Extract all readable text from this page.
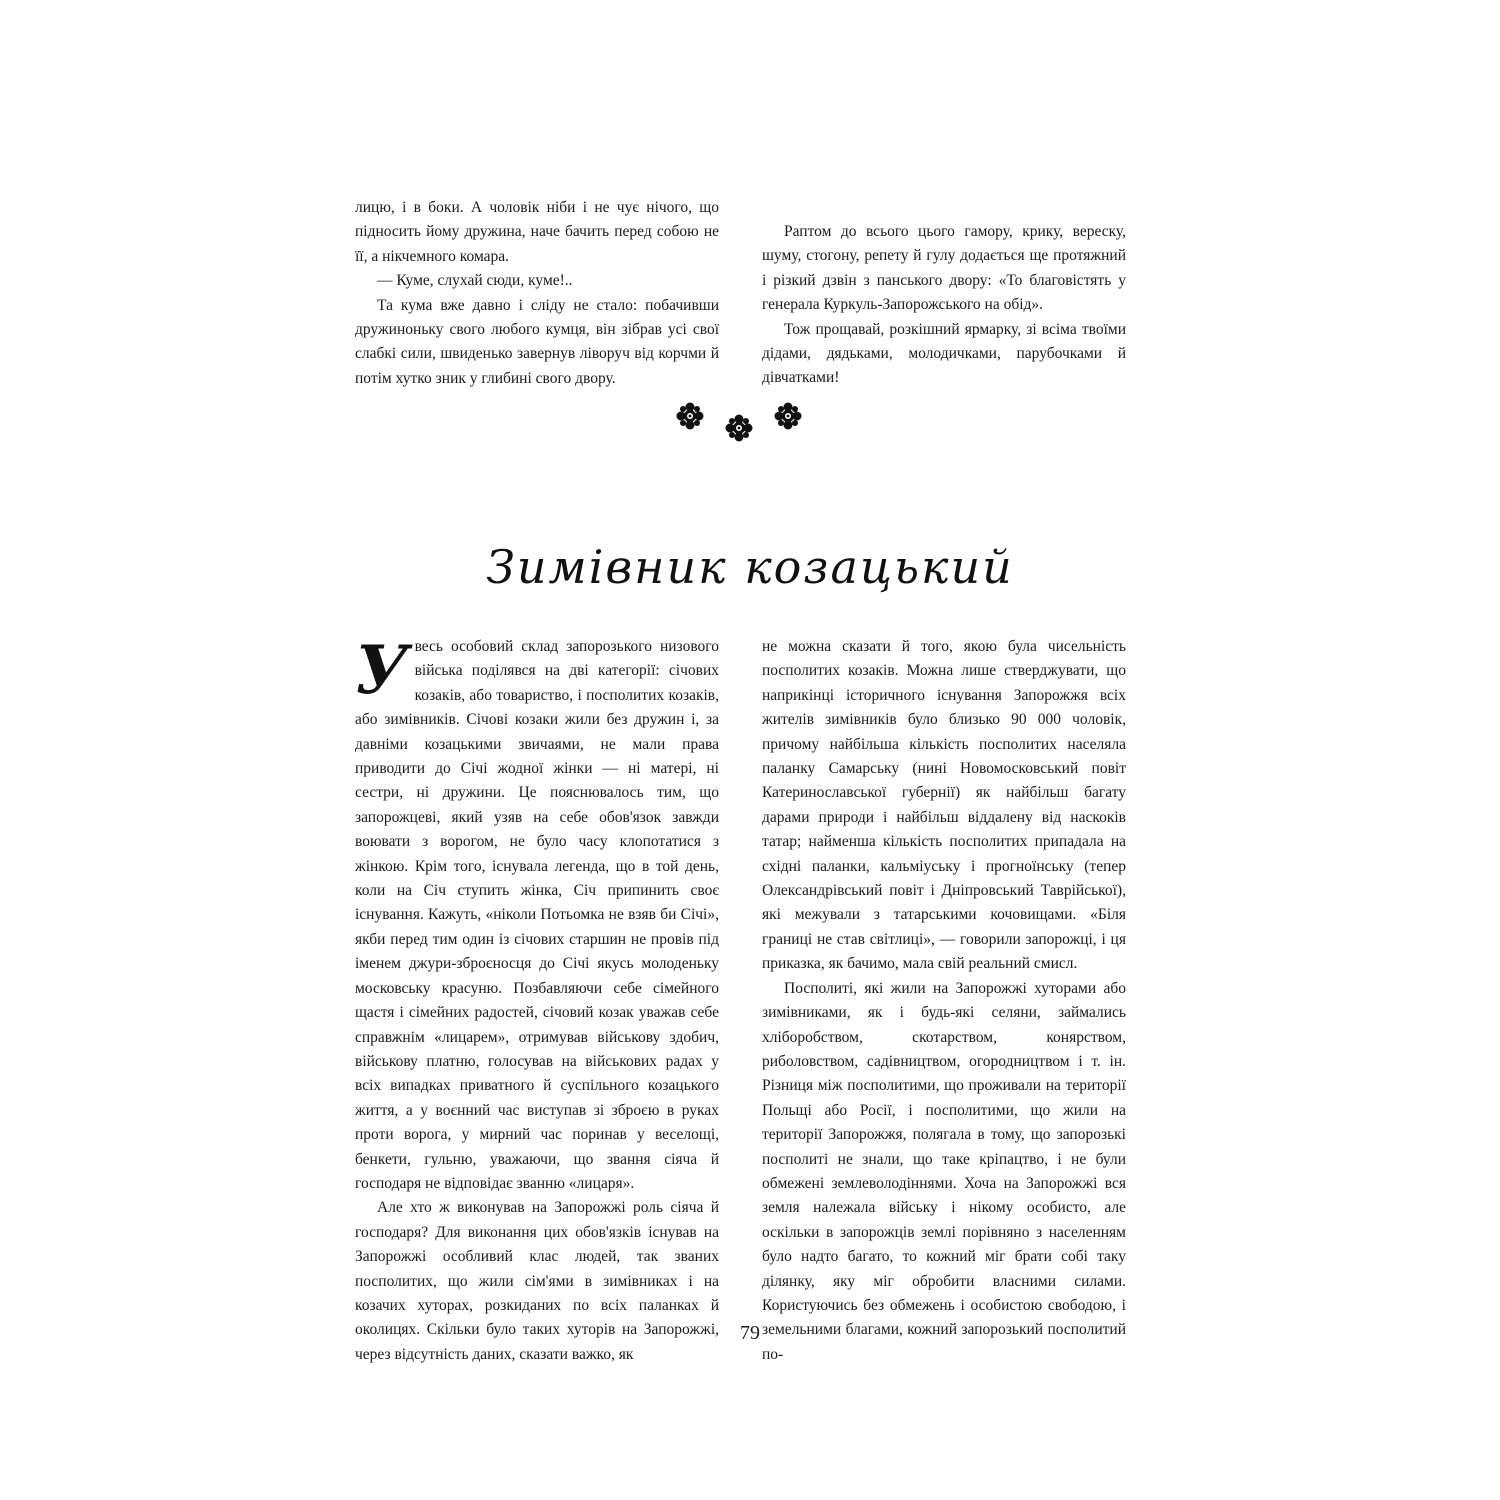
лицю, і в боки. А чоловік ніби і не чує нічого, що підносить йому дружина, наче бачить перед собою не її, а нікчемного комара.

— Куме, слухай сюди, куме!..

Та кума вже давно і сліду не стало: побачивши дружиноньку свого любого кумця, він зібрав усі свої слабкі сили, швиденько завернув ліворуч від корчми й потім хутко зник у глибині свого двору.

Раптом до всього цього гамору, крику, вереску, шуму, стогону, репету й гулу додається ще протяжний і різкий дзвін з панського двору: «То благовістять у генерала Куркуль-Запорожського на обід».

Тож прощавай, розкішний ярмарку, зі всіма твоїми дідами, дядьками, молодичками, парубочками й дівчатками!

Зимівник козацький

Увесь особовий склад запорозького низового війська поділявся на дві категорії: січових козаків, або товариство, і посполитих козаків, або зимівників. Січові козаки жили без дружин і, за давніми козацькими звичаями, не мали права приводити до Січі жодної жінки — ні матері, ні сестри, ні дружини. Це пояснювалось тим, що запорожцеві, який узяв на себе обов'язок завжди воювати з ворогом, не було часу клопотатися з жінкою. Крім того, існувала легенда, що в той день, коли на Січ ступить жінка, Січ припинить своє існування. Кажуть, «ніколи Потьомка не взяв би Січі», якби перед тим один із січових старшин не провів під іменем джури-зброєносця до Січі якусь молоденьку московську красуню. Позбавляючи себе сімейного щастя і сімейних радостей, січовий козак уважав себе справжнім «лицарем», отримував військову здобич, військову платню, голосував на військових радах у всіх випадках приватного й суспільного козацького життя, а у воєнний час виступав зі зброєю в руках проти ворога, у мирний час поринав у веселощі, бенкети, гульню, уважаючи, що звання сіяча й господаря не відповідає званню «лицаря».

Але хто ж виконував на Запорожжі роль сіяча й господаря? Для виконання цих обов'язків існував на Запорожжі особливий клас людей, так званих посполитих, що жили сім'ями в зимівниках і на козачих хуторах, розкиданих по всіх паланках й околицях. Скільки було таких хуторів на Запорожжі, через відсутність даних, сказати важко, як

не можна сказати й того, якою була чисельність посполитих козаків. Можна лише стверджувати, що наприкінці історичного існування Запорожжя всіх жителів зимівників було близько 90 000 чоловік, причому найбільша кількість посполитих населяла паланку Самарську (нині Новомосковський повіт Катеринославської губернії) як найбільш багату дарами природи і найбільш віддалену від наскоків татар; найменша кількість посполитих припадала на східні паланки, кальміуську і прогноїнську (тепер Олександрівський повіт і Дніпровський Таврійської), які межували з татарськими кочовищами. «Біля границі не став світлиці», — говорили запорожці, і ця приказка, як бачимо, мала свій реальний смисл.

Посполиті, які жили на Запорожжі хуторами або зимівниками, як і будь-які селяни, займались хліборобством, скотарством, конярством, риболовством, садівництвом, огородництвом і т. ін. Різниця між посполитими, що проживали на території Польщі або Росії, і посполитими, що жили на території Запорожжя, полягала в тому, що запорозькі посполиті не знали, що таке кріпацтво, і не були обмежені землеволодіннями. Хоча на Запорожжі вся земля належала війську і нікому особисто, але оскільки в запорожців землі порівняно з населенням було надто багато, то кожний міг брати собі таку ділянку, яку міг обробити власними силами. Користуючись без обмежень і особистою свободою, і земельними благами, кожний запорозький посполитий по-

79
